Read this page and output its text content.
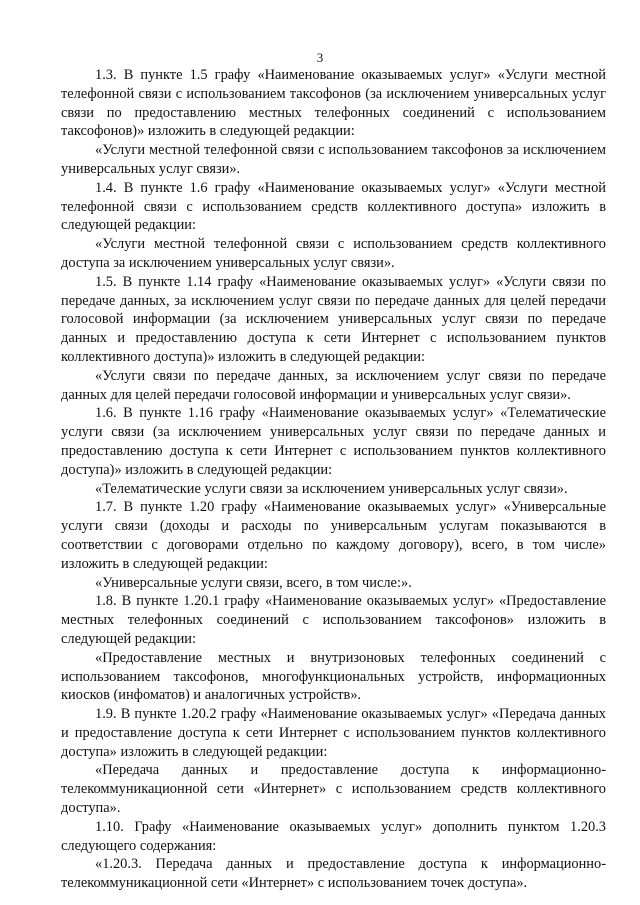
3

1.3. В пункте 1.5 графу «Наименование оказываемых услуг» «Услуги местной телефонной связи с использованием таксофонов (за исключением универсальных услуг связи по предоставлению местных телефонных соединений с использованием таксофонов)» изложить в следующей редакции:

«Услуги местной телефонной связи с использованием таксофонов за исключением универсальных услуг связи».

1.4. В пункте 1.6 графу «Наименование оказываемых услуг» «Услуги местной телефонной связи с использованием средств коллективного доступа» изложить в следующей редакции:

«Услуги местной телефонной связи с использованием средств коллективного доступа за исключением универсальных услуг связи».

1.5. В пункте 1.14 графу «Наименование оказываемых услуг» «Услуги связи по передаче данных, за исключением услуг связи по передаче данных для целей передачи голосовой информации (за исключением универсальных услуг связи по передаче данных и предоставлению доступа к сети Интернет с использованием пунктов коллективного доступа)» изложить в следующей редакции:

«Услуги связи по передаче данных, за исключением услуг связи по передаче данных для целей передачи голосовой информации и универсальных услуг связи».

1.6. В пункте 1.16 графу «Наименование оказываемых услуг» «Телематические услуги связи (за исключением универсальных услуг связи по передаче данных и предоставлению доступа к сети Интернет с использованием пунктов коллективного доступа)» изложить в следующей редакции:

«Телематические услуги связи за исключением универсальных услуг связи».

1.7. В пункте 1.20 графу «Наименование оказываемых услуг» «Универсальные услуги связи (доходы и расходы по универсальным услугам показываются в соответствии с договорами отдельно по каждому договору), всего, в том числе» изложить в следующей редакции:

«Универсальные услуги связи, всего, в том числе:».

1.8. В пункте 1.20.1 графу «Наименование оказываемых услуг» «Предоставление местных телефонных соединений с использованием таксофонов» изложить в следующей редакции:

«Предоставление местных и внутризоновых телефонных соединений с использованием таксофонов, многофункциональных устройств, информационных киосков (инфоматов) и аналогичных устройств».

1.9. В пункте 1.20.2 графу «Наименование оказываемых услуг» «Передача данных и предоставление доступа к сети Интернет с использованием пунктов коллективного доступа» изложить в следующей редакции:

«Передача данных и предоставление доступа к информационно-телекоммуникационной сети «Интернет» с использованием средств коллективного доступа».

1.10. Графу «Наименование оказываемых услуг» дополнить пунктом 1.20.3 следующего содержания:

«1.20.3. Передача данных и предоставление доступа к информационно-телекоммуникационной сети «Интернет» с использованием точек доступа».
